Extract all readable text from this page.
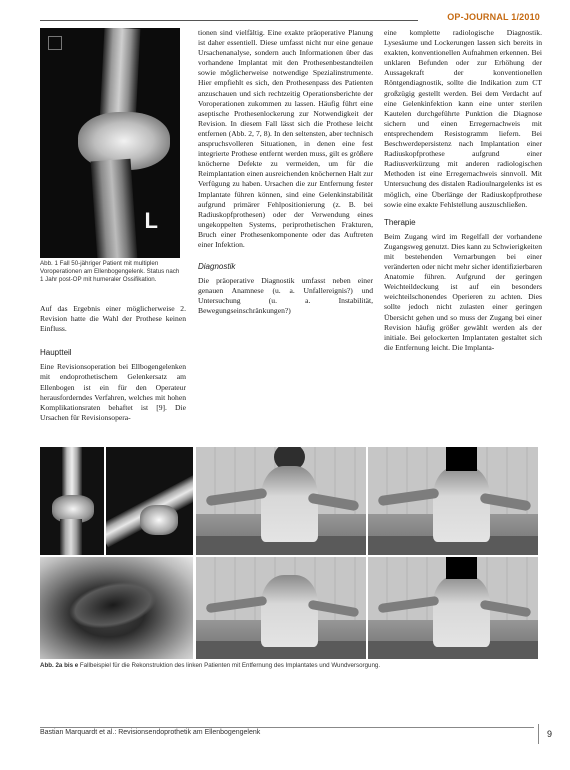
OP-JOURNAL 1/2010
L
Abb. 1 Fall 50-jähriger Patient mit multiplen Voroperationen am Ellenbogengelenk. Status nach 1 Jahr post-OP mit humeraler Ossifikation.

Auf das Ergebnis einer möglicherweise 2. Revision hatte die Wahl der Prothese keinen Einfluss.

Hauptteil

Eine Revisionsoperation bei Ellbogengelenken mit endoprothetischem Gelenkersatz am Ellenbogen ist ein für den Operateur herausforderndes Verfahren, welches mit hohen Komplikationsraten behaftet ist [9]. Die Ursachen für Revisionsopera-

tionen sind vielfältig. Eine exakte präoperative Planung ist daher essentiell. Diese umfasst nicht nur eine genaue Ursachenanalyse, sondern auch Informationen über das vorhandene Implantat mit den Prothesenbestandteilen sowie möglicherweise notwendige Spezialinstrumente. Hier empfiehlt es sich, den Prothesenpass des Patienten anzuschauen und sich rechtzeitig Operationsberichte der Voroperationen zukommen zu lassen. Häufig führt eine aseptische Prothesenlockerung zur Notwendigkeit der Revision. In diesem Fall lässt sich die Prothese leicht entfernen (Abb. 2, 7, 8). In den seltensten, aber technisch anspruchsvolleren Situationen, in denen eine fest integrierte Prothese entfernt werden muss, gilt es größere knöcherne Defekte zu vermeiden, um für die Reimplantation einen ausreichenden knöchernen Halt zur Verfügung zu haben. Ursachen die zur Entfernung fester Implantate führen können, sind eine Gelenkinstabilität aufgrund primärer Fehlpositionierung (z. B. bei Radiuskopfprothesen) oder der Verwendung eines ungekoppelten Systems, periprothetischen Frakturen, Bruch einer Prothesenkomponente oder das Auftreten einer Infektion.

Diagnostik

Die präoperative Diagnostik umfasst neben einer genauen Anamnese (u. a. Unfallereignis?) und Untersuchung (u. a. Instabilität, Bewegungseinschränkungen?)

eine komplette radiologische Diagnostik. Lysesäume und Lockerungen lassen sich bereits in exakten, konventionellen Aufnahmen erkennen. Bei unklaren Befunden oder zur Erhöhung der Aussagekraft der konventionellen Röntgendiagnostik, sollte die Indikation zum CT großzügig gestellt werden. Bei dem Verdacht auf eine Gelenkinfektion kann eine unter sterilen Kautelen durchgeführte Punktion die Diagnose sichern und einen Erregernachweis mit entsprechendem Resistogramm liefern. Bei Beschwerdepersistenz nach Implantation einer Radiuskopfprothese aufgrund einer Radiusverkürzung mit anderen radiologischen Methoden ist eine Erregernachweis sinnvoll. Mit Untersuchung des distalen Radioulnargelenks ist es möglich, eine Überlänge der Radiuskopfprothese sowie eine exakte Fehlstellung auszuschließen.

Therapie

Beim Zugang wird im Regelfall der vorhandene Zugangsweg genutzt. Dies kann zu Schwierigkeiten mit bestehenden Vernarbungen bei einer veränderten oder nicht mehr sicher identifizierbaren Anatomie führen. Aufgrund der geringen Weichteildeckung ist auf ein besonders weichteilschonendes Operieren zu achten. Dies sollte jedoch nicht zulasten einer geringen Übersicht gehen und so muss der Zugang bei einer Revision häufig größer gewählt werden als der initiale. Bei gelockerten Implantaten gestaltet sich die Entfernung leicht. Die Implanta-

Abb. 2a bis e Fallbeispiel für die Rekonstruktion des linken Patienten mit Entfernung des Implantates und Wundversorgung.
Bastian Marquardt et al.: Revisionsendoprothetik am Ellenbogengelenk	9
